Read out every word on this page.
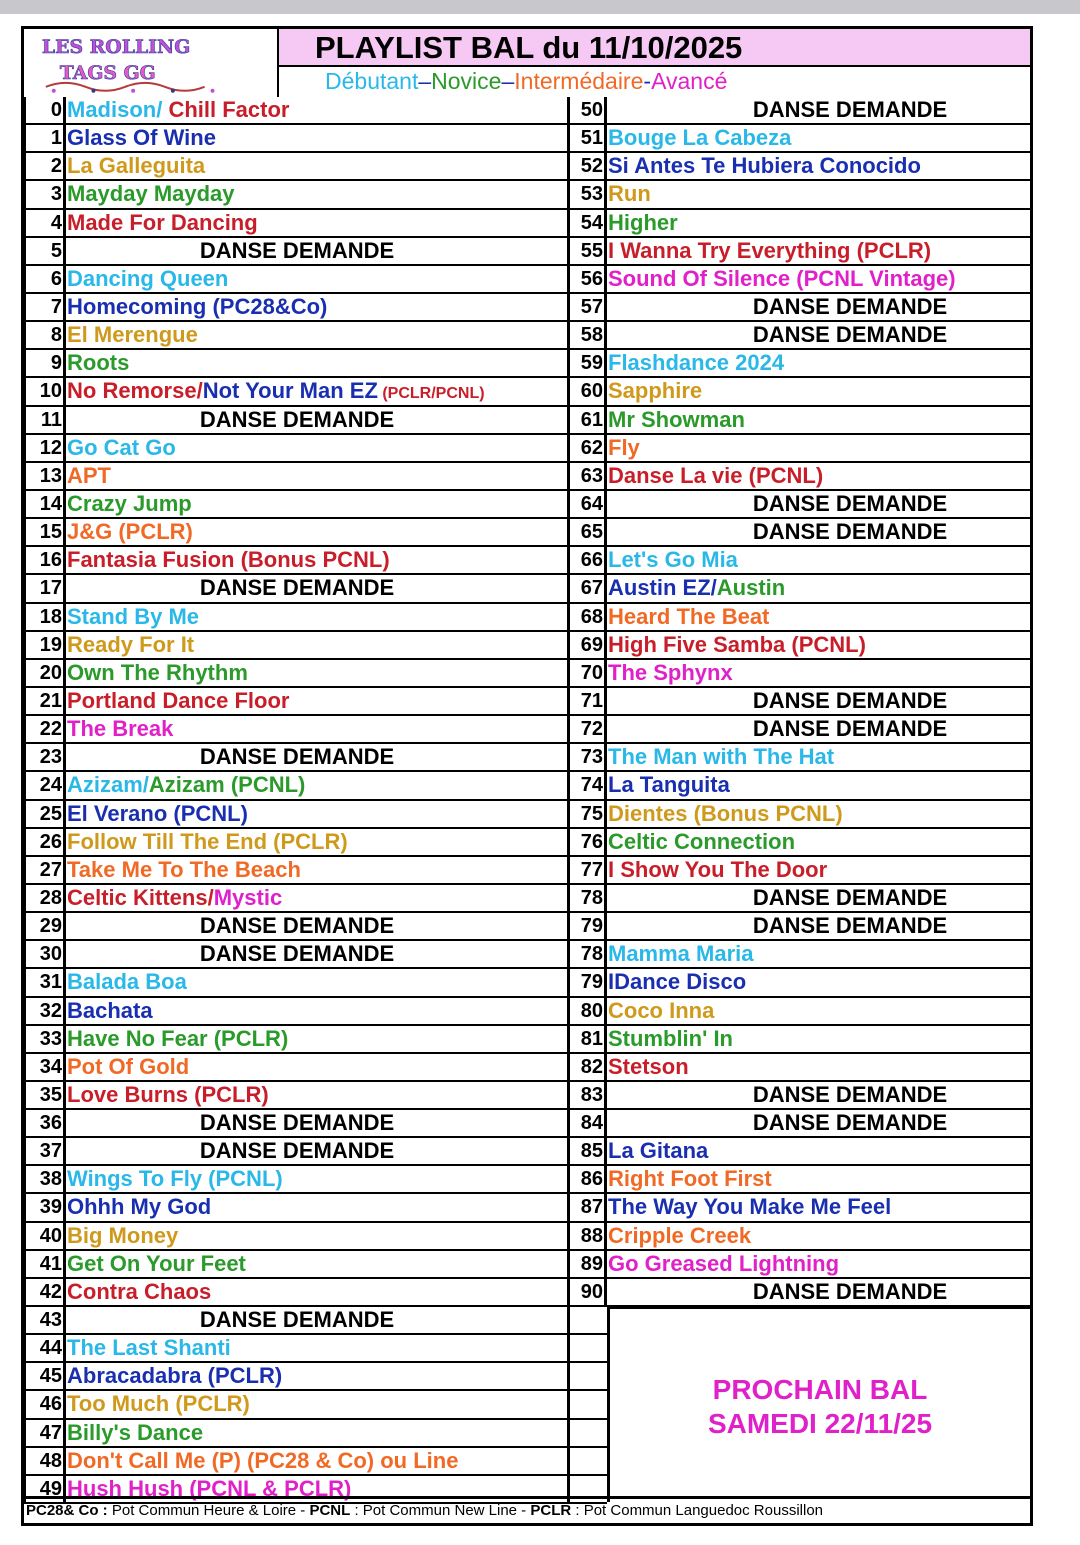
LES ROLLING
TAGS GG
PLAYLIST BAL du 11/10/2025
Débutant–Novice–Intermédaire-Avancé
0 Madison/ Chill Factor
1 Glass Of Wine
2 La Galleguita
3 Mayday Mayday
4 Made For Dancing
5	DANSE DEMANDE
6 Dancing Queen
7 Homecoming (PC28&Co)
8 El Merengue
9 Roots
10 No Remorse/Not Your Man EZ (PCLR/PCNL)
11	DANSE DEMANDE
12 Go Cat Go
13 APT
14 Crazy Jump
15 J&G (PCLR)
16 Fantasia Fusion (Bonus PCNL)
17	DANSE DEMANDE
18 Stand By Me
19 Ready For It
20 Own The Rhythm
21 Portland Dance Floor
22 The Break
23	DANSE DEMANDE
24 Azizam/Azizam (PCNL)
25 El Verano (PCNL)
26 Follow Till The End (PCLR)
27 Take Me To The Beach
28 Celtic Kittens/Mystic
29	DANSE DEMANDE
30	DANSE DEMANDE
31 Balada Boa
32 Bachata
33 Have No Fear (PCLR)
34 Pot Of Gold
35 Love Burns (PCLR)
36	DANSE DEMANDE
37	DANSE DEMANDE
38 Wings To Fly (PCNL)
39 Ohhh My God
40 Big Money
41 Get On Your Feet
42 Contra Chaos
43	DANSE DEMANDE
44 The Last Shanti
45 Abracadabra (PCLR)
46 Too Much (PCLR)
47 Billy's Dance
48 Don't Call Me (P) (PC28 & Co) ou Line
49 Hush Hush (PCNL & PCLR)
50	DANSE DEMANDE
51 Bouge La Cabeza
52 Si Antes Te Hubiera Conocido
53 Run
54 Higher
55 I Wanna Try Everything (PCLR)
56 Sound Of Silence (PCNL Vintage)
57	DANSE DEMANDE
58	DANSE DEMANDE
59 Flashdance 2024
60 Sapphire
61 Mr Showman
62 Fly
63 Danse La vie (PCNL)
64	DANSE DEMANDE
65	DANSE DEMANDE
66 Let's Go Mia
67 Austin EZ/Austin
68 Heard The Beat
69 High Five Samba (PCNL)
70 The Sphynx
71	DANSE DEMANDE
72	DANSE DEMANDE
73 The Man with The Hat
74 La Tanguita
75 Dientes (Bonus PCNL)
76 Celtic Connection
77 I Show You The Door
78	DANSE DEMANDE
79	DANSE DEMANDE
78 Mamma Maria
79 IDance Disco
80 Coco Inna
81 Stumblin' In
82 Stetson
83	DANSE DEMANDE
84	DANSE DEMANDE
85 La Gitana
86 Right Foot First
87 The Way You Make Me Feel
88 Cripple Creek
89 Go Greased Lightning
90	DANSE DEMANDE
PROCHAIN BAL
SAMEDI 22/11/25
PC28& Co : Pot Commun Heure & Loire - PCNL : Pot Commun New Line - PCLR : Pot Commun Languedoc Roussillon
